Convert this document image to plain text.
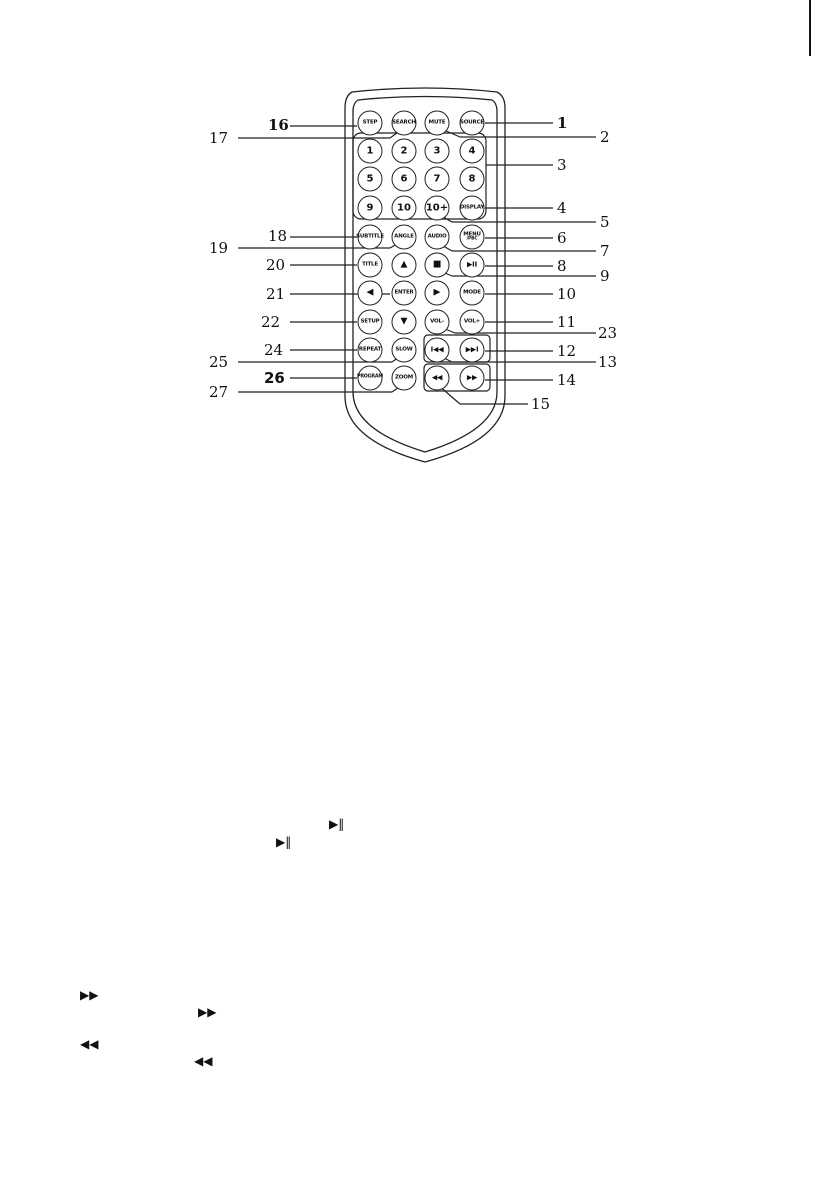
STEP	SEARCH	MUTE	SOURCE
1	2	3	4
5	6	7	8
9	10	10+ DISPLAY
SUBTITLE	ANGLE	AUDIO	MENU
/PBC
TITLE	▲	■	▶II
◀	ENTER	▶	MODE
SETUP	▼	VOL-	VOL+
REPEAT	SLOW	I◀◀	▶▶I
PROGRAM	ZOOM	◀◀	▶▶
1
2
3
4
5
6
7
8
9
10
11
23
12
13
14
15
16
17
18
19
20
21
22
24
25
26
27
▶‖
▶‖
▶▶
▶▶
◀◀
◀◀
